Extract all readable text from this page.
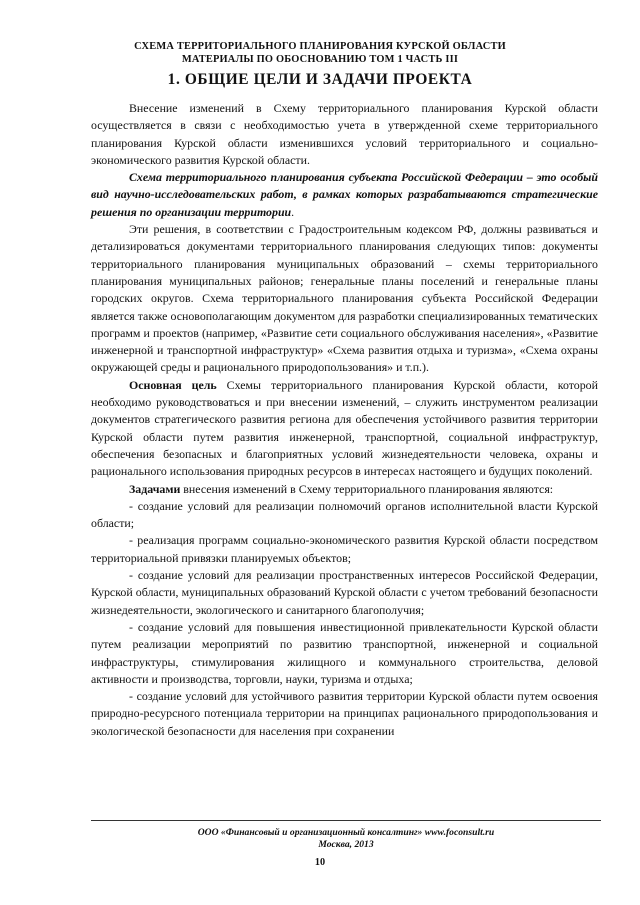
СХЕМА ТЕРРИТОРИАЛЬНОГО ПЛАНИРОВАНИЯ КУРСКОЙ ОБЛАСТИ
МАТЕРИАЛЫ ПО ОБОСНОВАНИЮ ТОМ 1 ЧАСТЬ III
1. ОБЩИЕ ЦЕЛИ И ЗАДАЧИ ПРОЕКТА

Внесение изменений в Схему территориального планирования Курской области осуществляется в связи с необходимостью учета в утвержденной схеме территориального планирования Курской области изменившихся условий территориального и социально-экономического развития Курской области.

Схема территориального планирования субъекта Российской Федерации – это особый вид научно-исследовательских работ, в рамках которых разрабатываются стратегические решения по организации территории.

Эти решения, в соответствии с Градостроительным кодексом РФ, должны развиваться и детализироваться документами территориального планирования следующих типов: документы территориального планирования муниципальных образований – схемы территориального планирования муниципальных районов; генеральные планы поселений и генеральные планы городских округов. Схема территориального планирования субъекта Российской Федерации является также основополагающим документом для разработки специализированных тематических программ и проектов (например, «Развитие сети социального обслуживания населения», «Развитие инженерной и транспортной инфраструктур» «Схема развития отдыха и туризма», «Схема охраны окружающей среды и рационального природопользования» и т.п.).

Основная цель Схемы территориального планирования Курской области, которой необходимо руководствоваться и при внесении изменений, – служить инструментом реализации документов стратегического развития региона для обеспечения устойчивого развития территории Курской области путем развития инженерной, транспортной, социальной инфраструктур, обеспечения безопасных и благоприятных условий жизнедеятельности человека, охраны и рационального использования природных ресурсов в интересах настоящего и будущих поколений.

Задачами внесения изменений в Схему территориального планирования являются:

- создание условий для реализации полномочий органов исполнительной власти Курской области;

- реализация программ социально-экономического развития Курской области посредством территориальной привязки планируемых объектов;

- создание условий для реализации пространственных интересов Российской Федерации, Курской области, муниципальных образований Курской области с учетом требований безопасности жизнедеятельности, экологического и санитарного благополучия;

- создание условий для повышения инвестиционной привлекательности Курской области путем реализации мероприятий по развитию транспортной, инженерной и социальной инфраструктуры, стимулирования жилищного и коммунального строительства, деловой активности и производства, торговли, науки, туризма и отдыха;

- создание условий для устойчивого развития территории Курской области путем освоения природно-ресурсного потенциала территории на принципах рационального природопользования и экологической безопасности для населения при сохранении

ООО «Финансовый и организационный консалтинг» www.foconsult.ru
Москва, 2013
10
